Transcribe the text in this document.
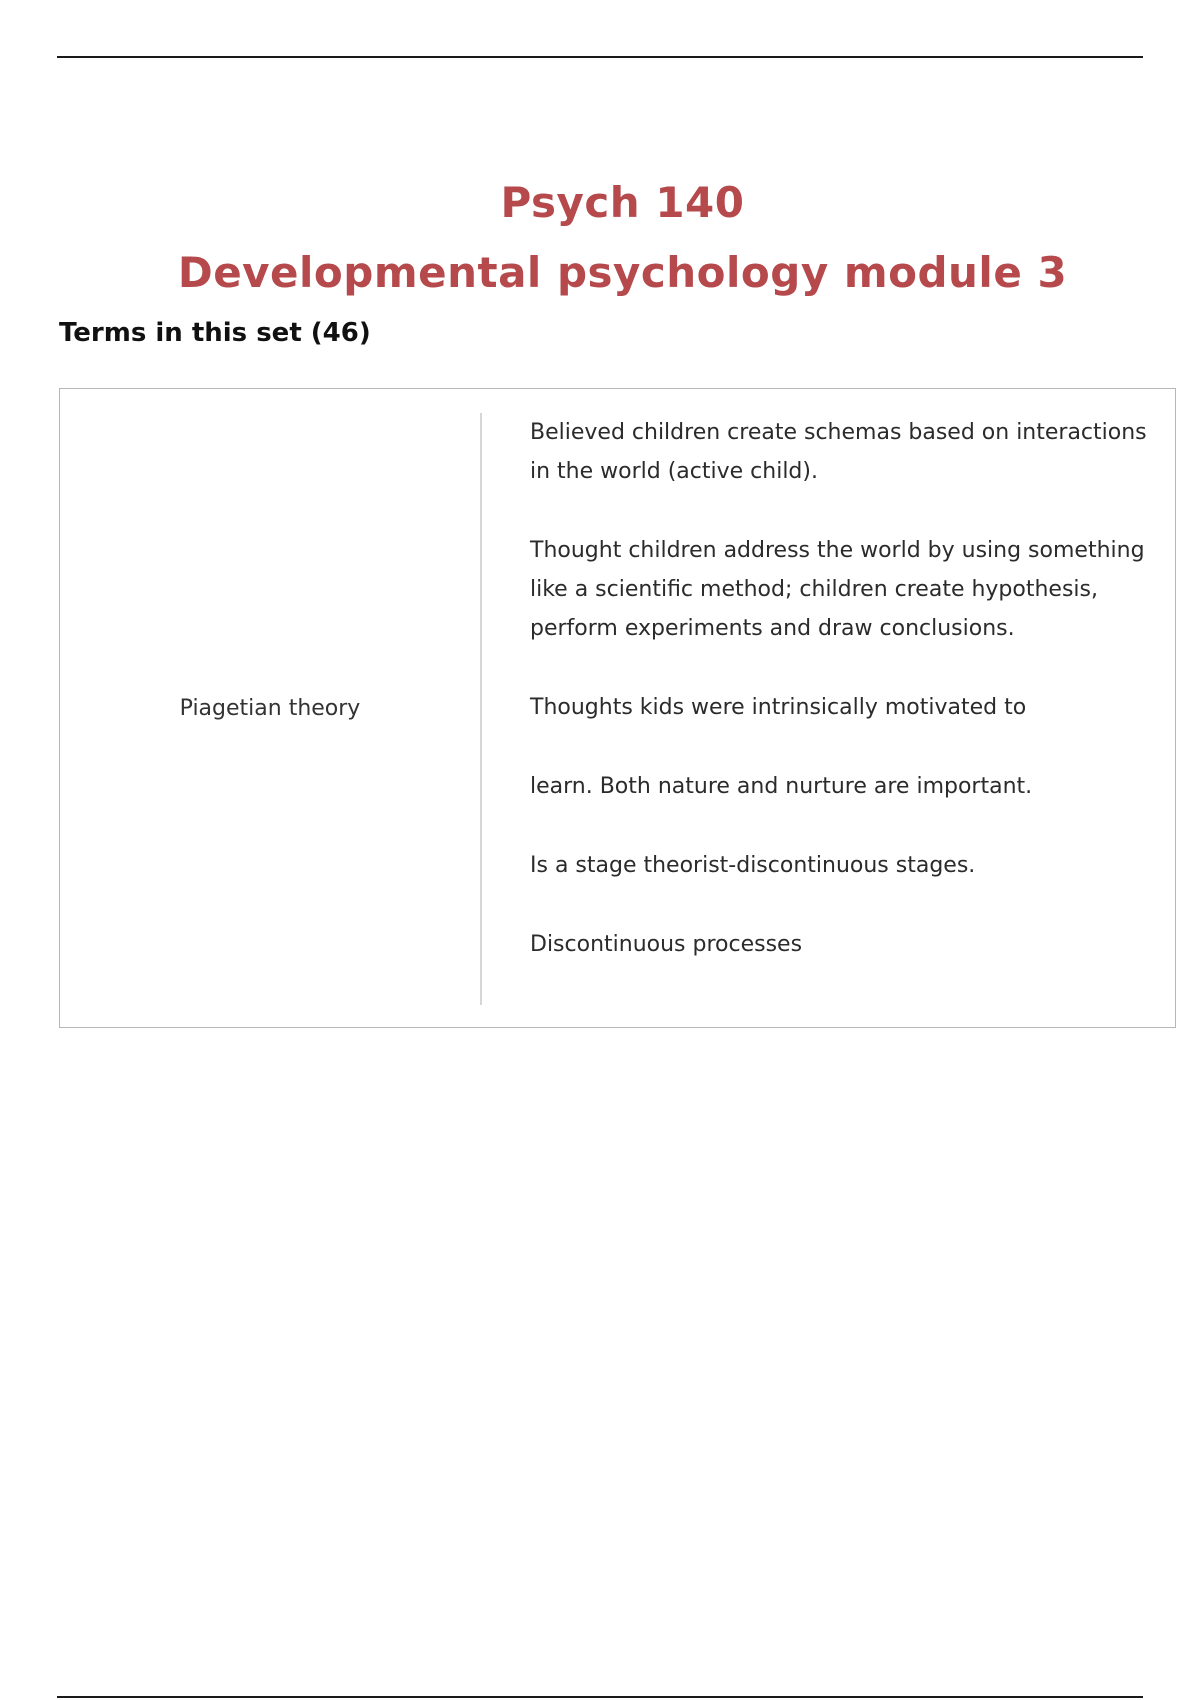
Psych 140

Developmental psychology module 3

Terms in this set (46)

Piagetian theory

Believed children create schemas based on interactions in the world (active child).

Thought children address the world by using something like a scientific method; children create hypothesis, perform experiments and draw conclusions.

Thoughts kids were intrinsically motivated to

learn. Both nature and nurture are important.

Is a stage theorist-discontinuous stages.

Discontinuous processes
